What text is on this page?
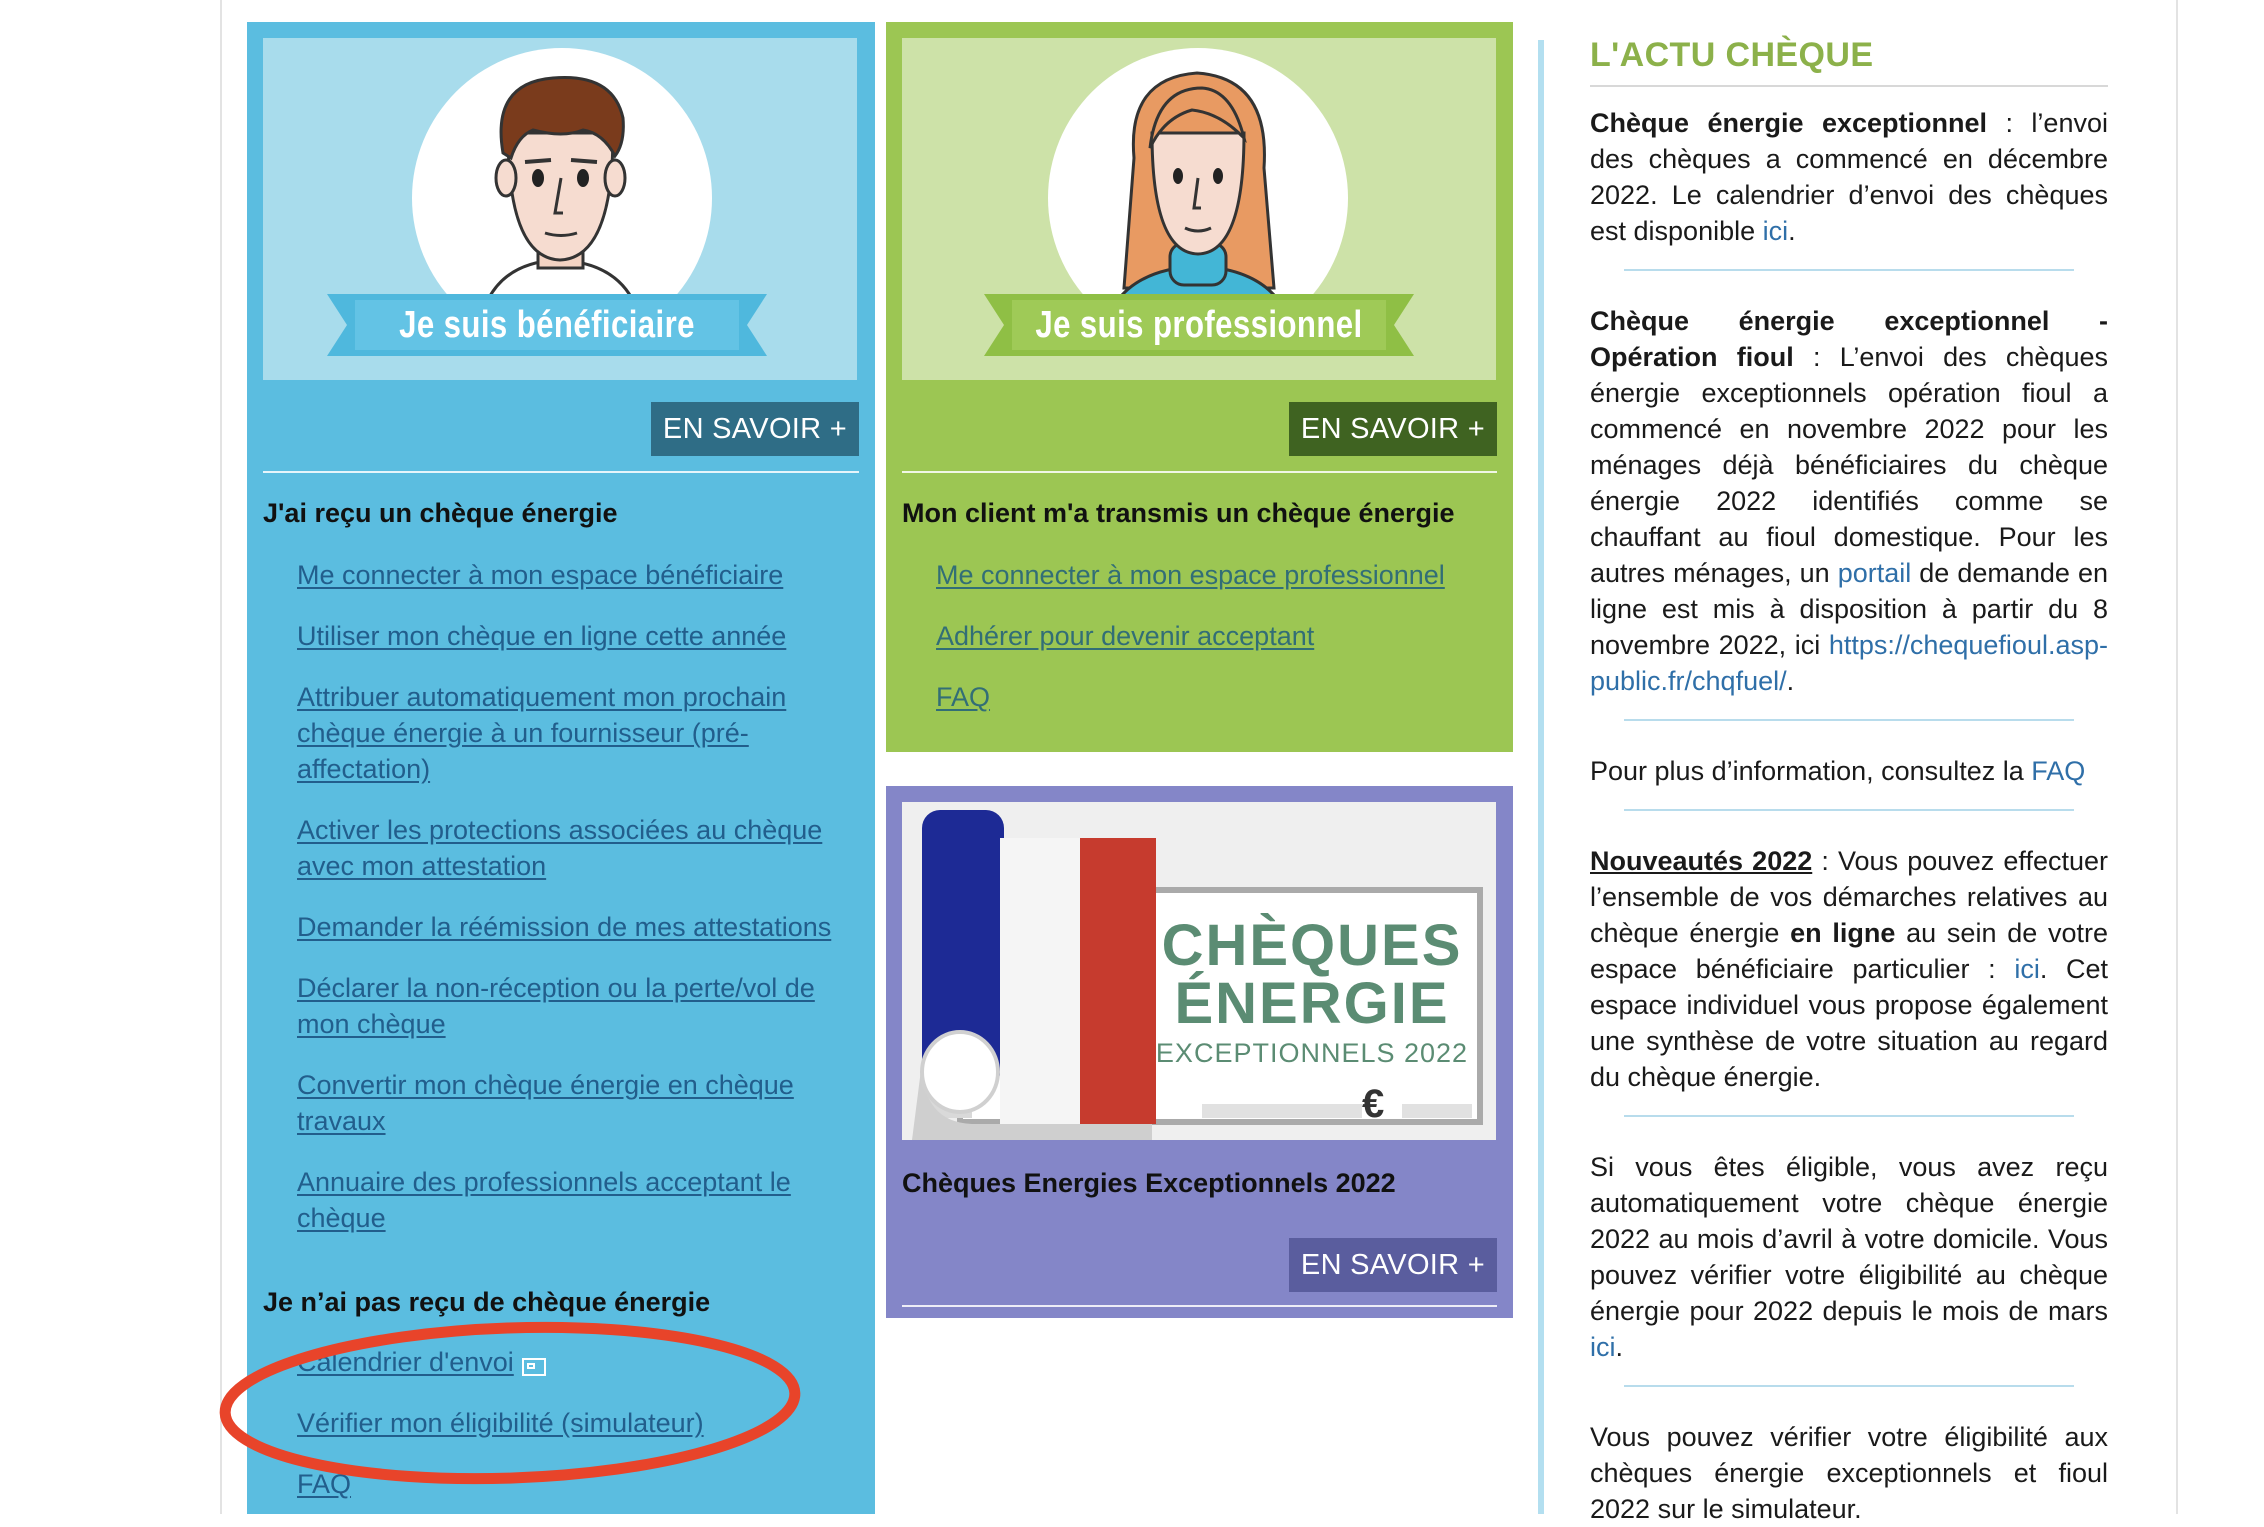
Je suis bénéficiaire
EN SAVOIR +
J'ai reçu un chèque énergie
Me connecter à mon espace bénéficiaire
Utiliser mon chèque en ligne cette année
Attribuer automatiquement mon prochain chèque énergie à un fournisseur (pré-affectation)
Activer les protections associées au chèque avec mon attestation
Demander la réémission de mes attestations
Déclarer la non-réception ou la perte/vol de mon chèque
Convertir mon chèque énergie en chèque travaux
Annuaire des professionnels acceptant le chèque
Je n’ai pas reçu de chèque énergie
Calendrier d'envoi
Vérifier mon éligibilité (simulateur)
FAQ
Je suis professionnel
EN SAVOIR +
Mon client m'a transmis un chèque énergie
Me connecter à mon espace professionnel
Adhérer pour devenir acceptant
FAQ
CHÈQUES
ÉNERGIE
EXCEPTIONNELS 2022
€
Chèques Energies Exceptionnels 2022
EN SAVOIR +
L'ACTU CHÈQUE

Chèque énergie exceptionnel : l’envoi des chèques a commencé en décembre 2022. Le calendrier d’envoi des chèques est disponible ici.

Chèque énergie exceptionnel - Opération fioul : L’envoi des chèques énergie exceptionnels opération fioul a commencé en novembre 2022 pour les ménages déjà bénéficiaires du chèque énergie 2022 identifiés comme se chauffant au fioul domestique. Pour les autres ménages, un portail de demande en ligne est mis à disposition à partir du 8 novembre 2022, ici https://chequefioul.asp-public.fr/chqfuel/.

Pour plus d’information, consultez la FAQ

Nouveautés 2022 : Vous pouvez effectuer l’ensemble de vos démarches relatives au chèque énergie en ligne au sein de votre espace bénéficiaire particulier : ici. Cet espace individuel vous propose également une synthèse de votre situation au regard du chèque énergie.

Si vous êtes éligible, vous avez reçu automatiquement votre chèque énergie 2022 au mois d’avril à votre domicile. Vous pouvez vérifier votre éligibilité au chèque énergie pour 2022 depuis le mois de mars ici.

Vous pouvez vérifier votre éligibilité aux chèques énergie exceptionnels et fioul 2022 sur le simulateur.
